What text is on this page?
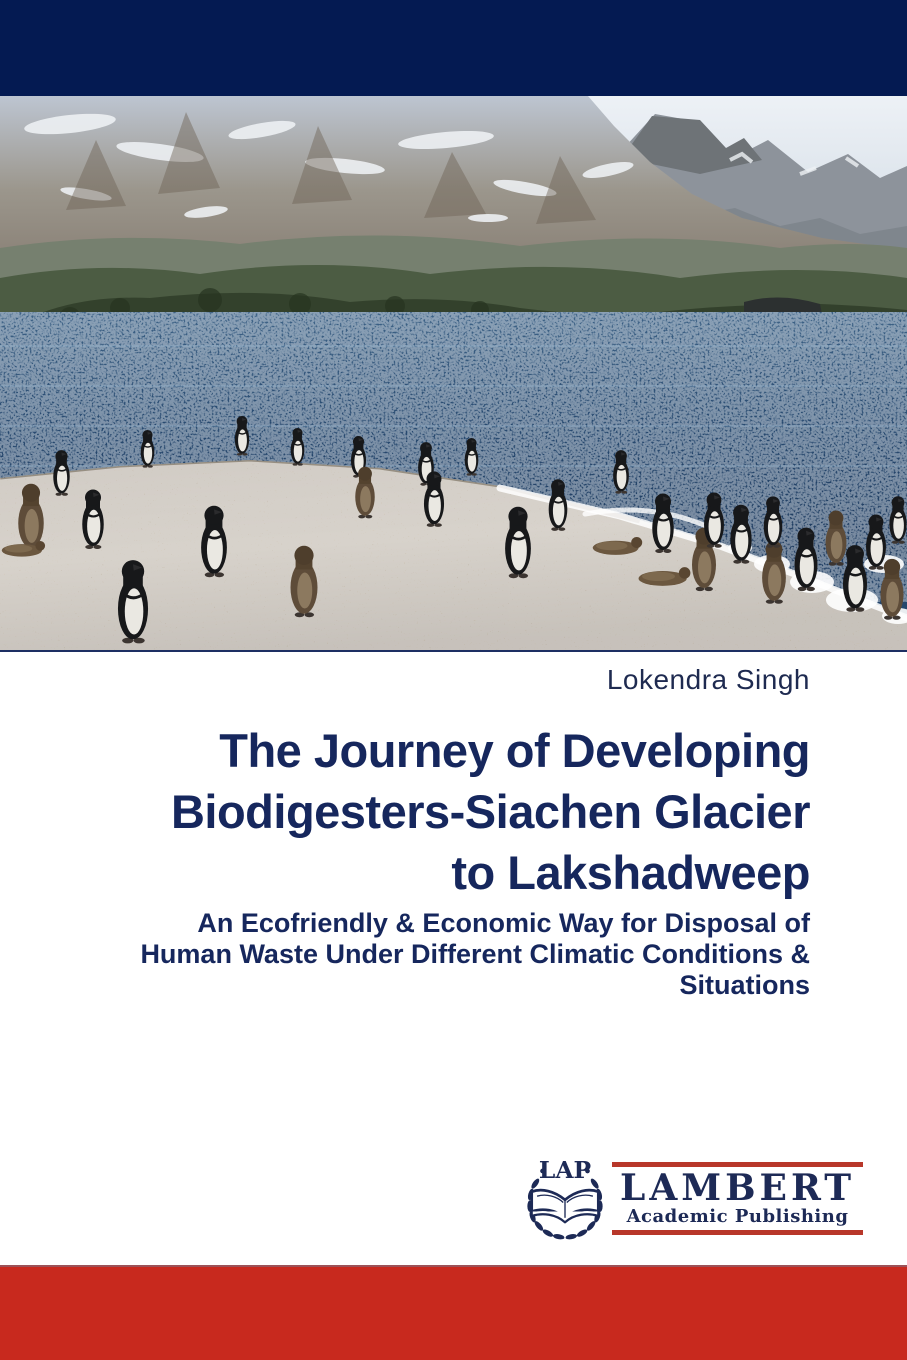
Lokendra Singh
The Journey of Developing
Biodigesters-Siachen Glacier
to Lakshadweep
An Ecofriendly & Economic Way for Disposal of
Human Waste Under Different Climatic Conditions &
Situations
LAP LAMBERT
Academic Publishing
